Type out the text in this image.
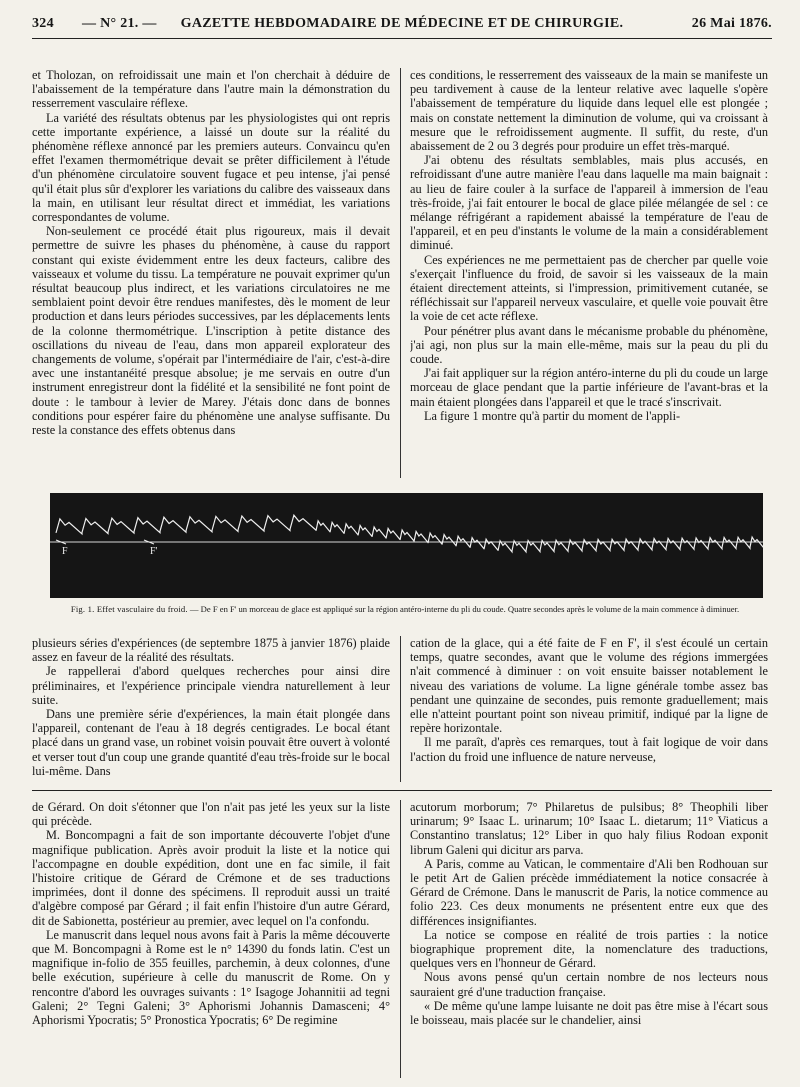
324 — N° 21. —	GAZETTE HEBDOMADAIRE DE MÉDECINE ET DE CHIRURGIE.	26 Mai 1876.

et Tholozan, on refroidissait une main et l'on cherchait à déduire de l'abaissement de la température dans l'autre main la démonstration du resserrement vasculaire réflexe.

La variété des résultats obtenus par les physiologistes qui ont repris cette importante expérience, a laissé un doute sur la réalité du phénomène réflexe annoncé par les premiers auteurs. Convaincu qu'en effet l'examen thermométrique devait se prêter difficilement à l'étude d'un phénomène circulatoire souvent fugace et peu intense, j'ai pensé qu'il était plus sûr d'explorer les variations du calibre des vaisseaux dans la main, en utilisant leur résultat direct et immédiat, les variations correspondantes de volume.

Non-seulement ce procédé était plus rigoureux, mais il devait permettre de suivre les phases du phénomène, à cause du rapport constant qui existe évidemment entre les deux facteurs, calibre des vaisseaux et volume du tissu. La température ne pouvait exprimer qu'un résultat beaucoup plus indirect, et les variations circulatoires ne me semblaient point devoir être rendues manifestes, dès le moment de leur production et dans leurs périodes successives, par les déplacements lents de la colonne thermométrique. L'inscription à petite distance des oscillations du niveau de l'eau, dans mon appareil explorateur des changements de volume, s'opérait par l'intermédiaire de l'air, c'est-à-dire avec une instantanéité presque absolue; je me servais en outre d'un instrument enregistreur dont la fidélité et la sensibilité ne font point de doute : le tambour à levier de Marey. J'étais donc dans de bonnes conditions pour espérer faire du phénomène une analyse suffisante. Du reste la constance des effets obtenus dans

ces conditions, le resserrement des vaisseaux de la main se manifeste un peu tardivement à cause de la lenteur relative avec laquelle s'opère l'abaissement de température du liquide dans lequel elle est plongée ; mais on constate nettement la diminution de volume, qui va croissant à mesure que le refroidissement augmente. Il suffit, du reste, d'un abaissement de 2 ou 3 degrés pour produire un effet très-marqué.

J'ai obtenu des résultats semblables, mais plus accusés, en refroidissant d'une autre manière l'eau dans laquelle ma main baignait : au lieu de faire couler à la surface de l'appareil à immersion de l'eau très-froide, j'ai fait entourer le bocal de glace pilée mélangée de sel : ce mélange réfrigérant a rapidement abaissé la température de l'eau de l'appareil, et en peu d'instants le volume de la main a considérablement diminué.

Ces expériences ne me permettaient pas de chercher par quelle voie s'exerçait l'influence du froid, de savoir si les vaisseaux de la main étaient directement atteints, si l'impression, primitivement cutanée, se réfléchissait sur l'appareil nerveux vasculaire, et quelle voie pouvait être la voie de cet acte réflexe.

Pour pénétrer plus avant dans le mécanisme probable du phénomène, j'ai agi, non plus sur la main elle-même, mais sur la peau du pli du coude.

J'ai fait appliquer sur la région antéro-interne du pli du coude un large morceau de glace pendant que la partie inférieure de l'avant-bras et la main étaient plongées dans l'appareil et que le tracé s'inscrivait.

La figure 1 montre qu'à partir du moment de l'appli-

F	F'
Fig. 1. Effet vasculaire du froid. — De F en F' un morceau de glace est appliqué sur la région antéro-interne du pli du coude. Quatre secondes après le volume de la main commence à diminuer.

plusieurs séries d'expériences (de septembre 1875 à janvier 1876) plaide assez en faveur de la réalité des résultats.

Je rappellerai d'abord quelques recherches pour ainsi dire préliminaires, et l'expérience principale viendra naturellement à leur suite.

Dans une première série d'expériences, la main était plongée dans l'appareil, contenant de l'eau à 18 degrés centigrades. Le bocal étant placé dans un grand vase, un robinet voisin pouvait être ouvert à volonté et verser tout d'un coup une grande quantité d'eau très-froide sur le bocal lui-même. Dans

cation de la glace, qui a été faite de F en F', il s'est écoulé un certain temps, quatre secondes, avant que le volume des régions immergées n'ait commencé à diminuer : on voit ensuite baisser notablement le niveau des variations de volume. La ligne générale tombe assez bas pendant une quinzaine de secondes, puis remonte graduellement; mais elle n'atteint pourtant point son niveau primitif, indiqué par la ligne de repère horizontale.

Il me paraît, d'après ces remarques, tout à fait logique de voir dans l'action du froid une influence de nature nerveuse,

de Gérard. On doit s'étonner que l'on n'ait pas jeté les yeux sur la liste qui précède.

M. Boncompagni a fait de son importante découverte l'objet d'une magnifique publication. Après avoir produit la liste et la notice qui l'accompagne en double expédition, dont une en fac simile, il fait l'histoire critique de Gérard de Crémone et de ses traductions imprimées, dont il donne des spécimens. Il reproduit aussi un traité d'algèbre composé par Gérard ; il fait enfin l'histoire d'un autre Gérard, dit de Sabionetta, postérieur au premier, avec lequel on l'a confondu.

Le manuscrit dans lequel nous avons fait à Paris la même découverte que M. Boncompagni à Rome est le n° 14390 du fonds latin. C'est un magnifique in-folio de 355 feuilles, parchemin, à deux colonnes, d'une belle exécution, supérieure à celle du manuscrit de Rome. On y rencontre d'abord les ouvrages suivants : 1° Isagoge Johannitii ad tegni Galeni; 2° Tegni Galeni; 3° Aphorismi Johannis Damasceni; 4° Aphorismi Ypocratis; 5° Pronostica Ypocratis; 6° De regimine

acutorum morborum; 7° Philaretus de pulsibus; 8° Theophili liber urinarum; 9° Isaac L. urinarum; 10° Isaac L. dietarum; 11° Viaticus a Constantino translatus; 12° Liber in quo haly filius Rodoan exponit librum Galeni qui dicitur ars parva.

A Paris, comme au Vatican, le commentaire d'Ali ben Rodhouan sur le petit Art de Galien précède immédiatement la notice consacrée à Gérard de Crémone. Dans le manuscrit de Paris, la notice commence au folio 223. Ces deux monuments ne présentent entre eux que des différences insignifiantes.

La notice se compose en réalité de trois parties : la notice biographique proprement dite, la nomenclature des traductions, quelques vers en l'honneur de Gérard.

Nous avons pensé qu'un certain nombre de nos lecteurs nous sauraient gré d'une traduction française.

« De même qu'une lampe luisante ne doit pas être mise à l'écart sous le boisseau, mais placée sur le chandelier, ainsi
